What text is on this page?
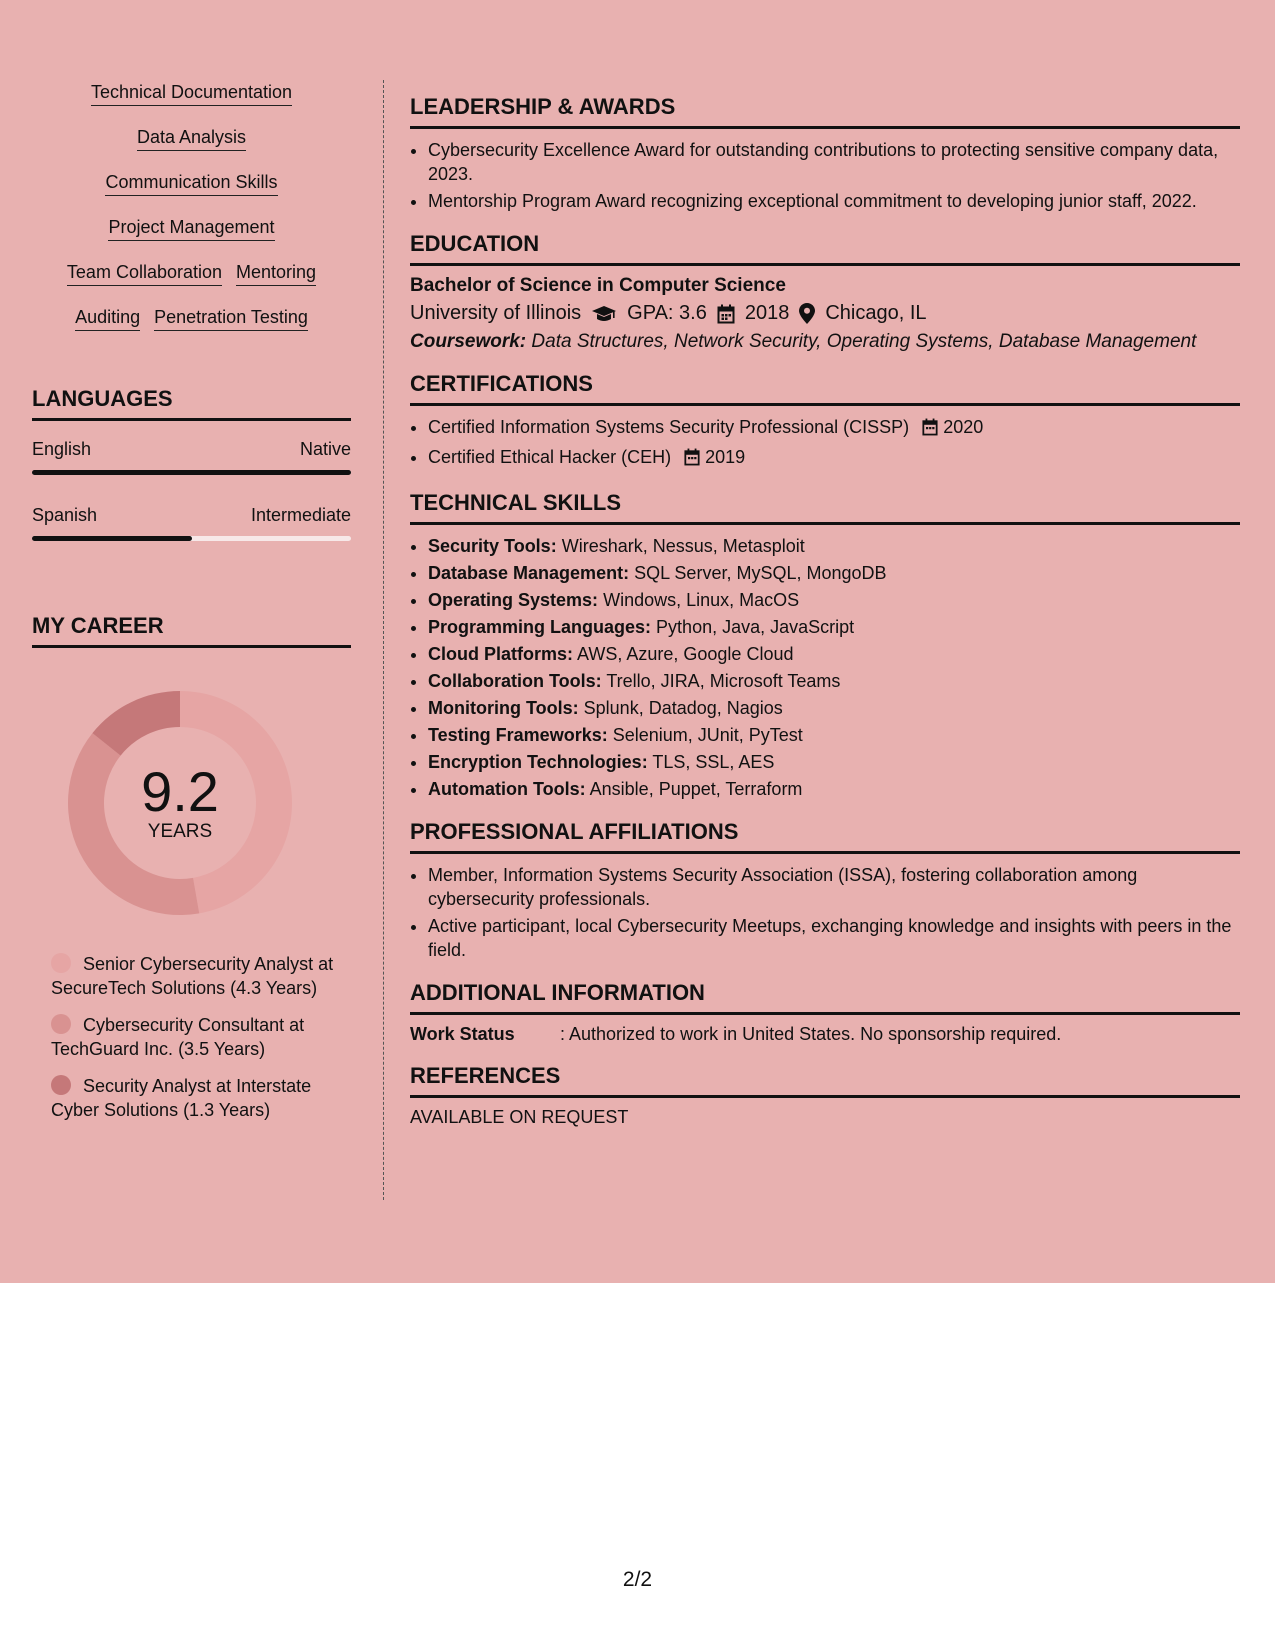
Technical Documentation
Data Analysis
Communication Skills
Project Management
Team Collaboration Mentoring
Auditing Penetration Testing
LANGUAGES
English	Native
Spanish	Intermediate
MY CAREER
9.2
YEARS
Senior Cybersecurity Analyst at SecureTech Solutions (4.3 Years)
Cybersecurity Consultant at TechGuard Inc. (3.5 Years)
Security Analyst at Interstate Cyber Solutions (1.3 Years)
LEADERSHIP & AWARDS
• Cybersecurity Excellence Award for outstanding contributions to protecting sensitive company data, 2023.
• Mentorship Program Award recognizing exceptional commitment to developing junior staff, 2022.
EDUCATION
Bachelor of Science in Computer Science
University of Illinois GPA: 3.6 2018 Chicago, IL
Coursework: Data Structures, Network Security, Operating Systems, Database Management
CERTIFICATIONS
• Certified Information Systems Security Professional (CISSP) 2020
• Certified Ethical Hacker (CEH) 2019
TECHNICAL SKILLS
• Security Tools: Wireshark, Nessus, Metasploit
• Database Management: SQL Server, MySQL, MongoDB
• Operating Systems: Windows, Linux, MacOS
• Programming Languages: Python, Java, JavaScript
• Cloud Platforms: AWS, Azure, Google Cloud
• Collaboration Tools: Trello, JIRA, Microsoft Teams
• Monitoring Tools: Splunk, Datadog, Nagios
• Testing Frameworks: Selenium, JUnit, PyTest
• Encryption Technologies: TLS, SSL, AES
• Automation Tools: Ansible, Puppet, Terraform
PROFESSIONAL AFFILIATIONS
• Member, Information Systems Security Association (ISSA), fostering collaboration among cybersecurity professionals.
• Active participant, local Cybersecurity Meetups, exchanging knowledge and insights with peers in the field.
ADDITIONAL INFORMATION
Work Status	: Authorized to work in United States. No sponsorship required.
REFERENCES
AVAILABLE ON REQUEST
2/2
